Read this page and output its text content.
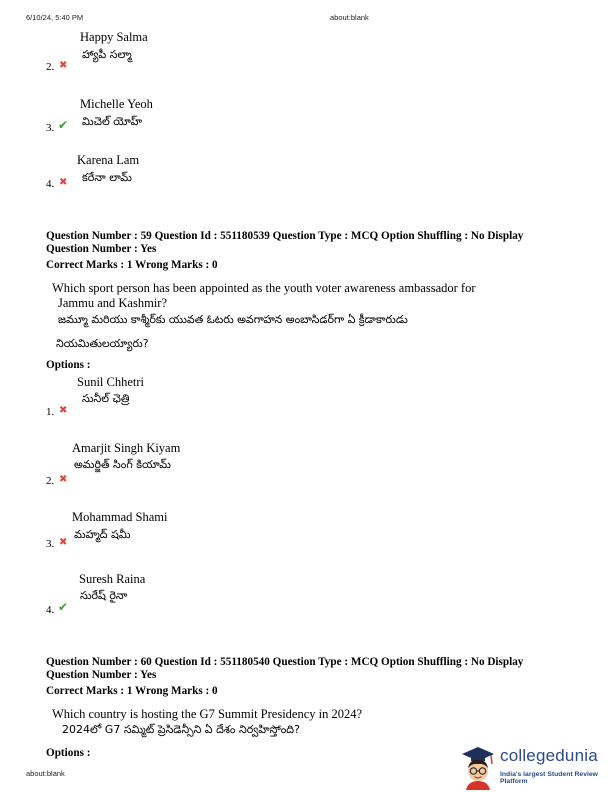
6/10/24, 5:40 PM	about:blank
Happy Salma
హ్యాపీ సల్మా
2. ✖
Michelle Yeoh
మిచెల్ యోహ్
3. ✔
Karena Lam
కరేనా లామ్
4. ✖
Question Number : 59 Question Id : 551180539 Question Type : MCQ Option Shuffling : No Display
Question Number : Yes
Correct Marks : 1 Wrong Marks : 0
Which sport person has been appointed as the youth voter awareness ambassador for
Jammu and Kashmir?
జమ్మూ మరియు కాశ్మీర్‌కు యువత ఓటరు అవగాహన అంబాసిడర్‌గా ఏ క్రీడాకారుడు
నియమితులయ్యారు?
Options :
Sunil Chhetri
సునీల్ ఛెత్రి
1. ✖
Amarjit Singh Kiyam
అమర్జిత్ సింగ్ కియామ్
2. ✖
Mohammad Shami
మహ్మద్ షమీ
3. ✖
Suresh Raina
సురేష్ రైనా
4. ✔
Question Number : 60 Question Id : 551180540 Question Type : MCQ Option Shuffling : No Display
Question Number : Yes
Correct Marks : 1 Wrong Marks : 0
Which country is hosting the G7 Summit Presidency in 2024?
2024లో G7 సమ్మిట్ ప్రెసిడెన్సీని ఏ దేశం నిర్వహిస్తోంది?
Options :
about:blank
collegedunia
India's largest Student Review Platform
